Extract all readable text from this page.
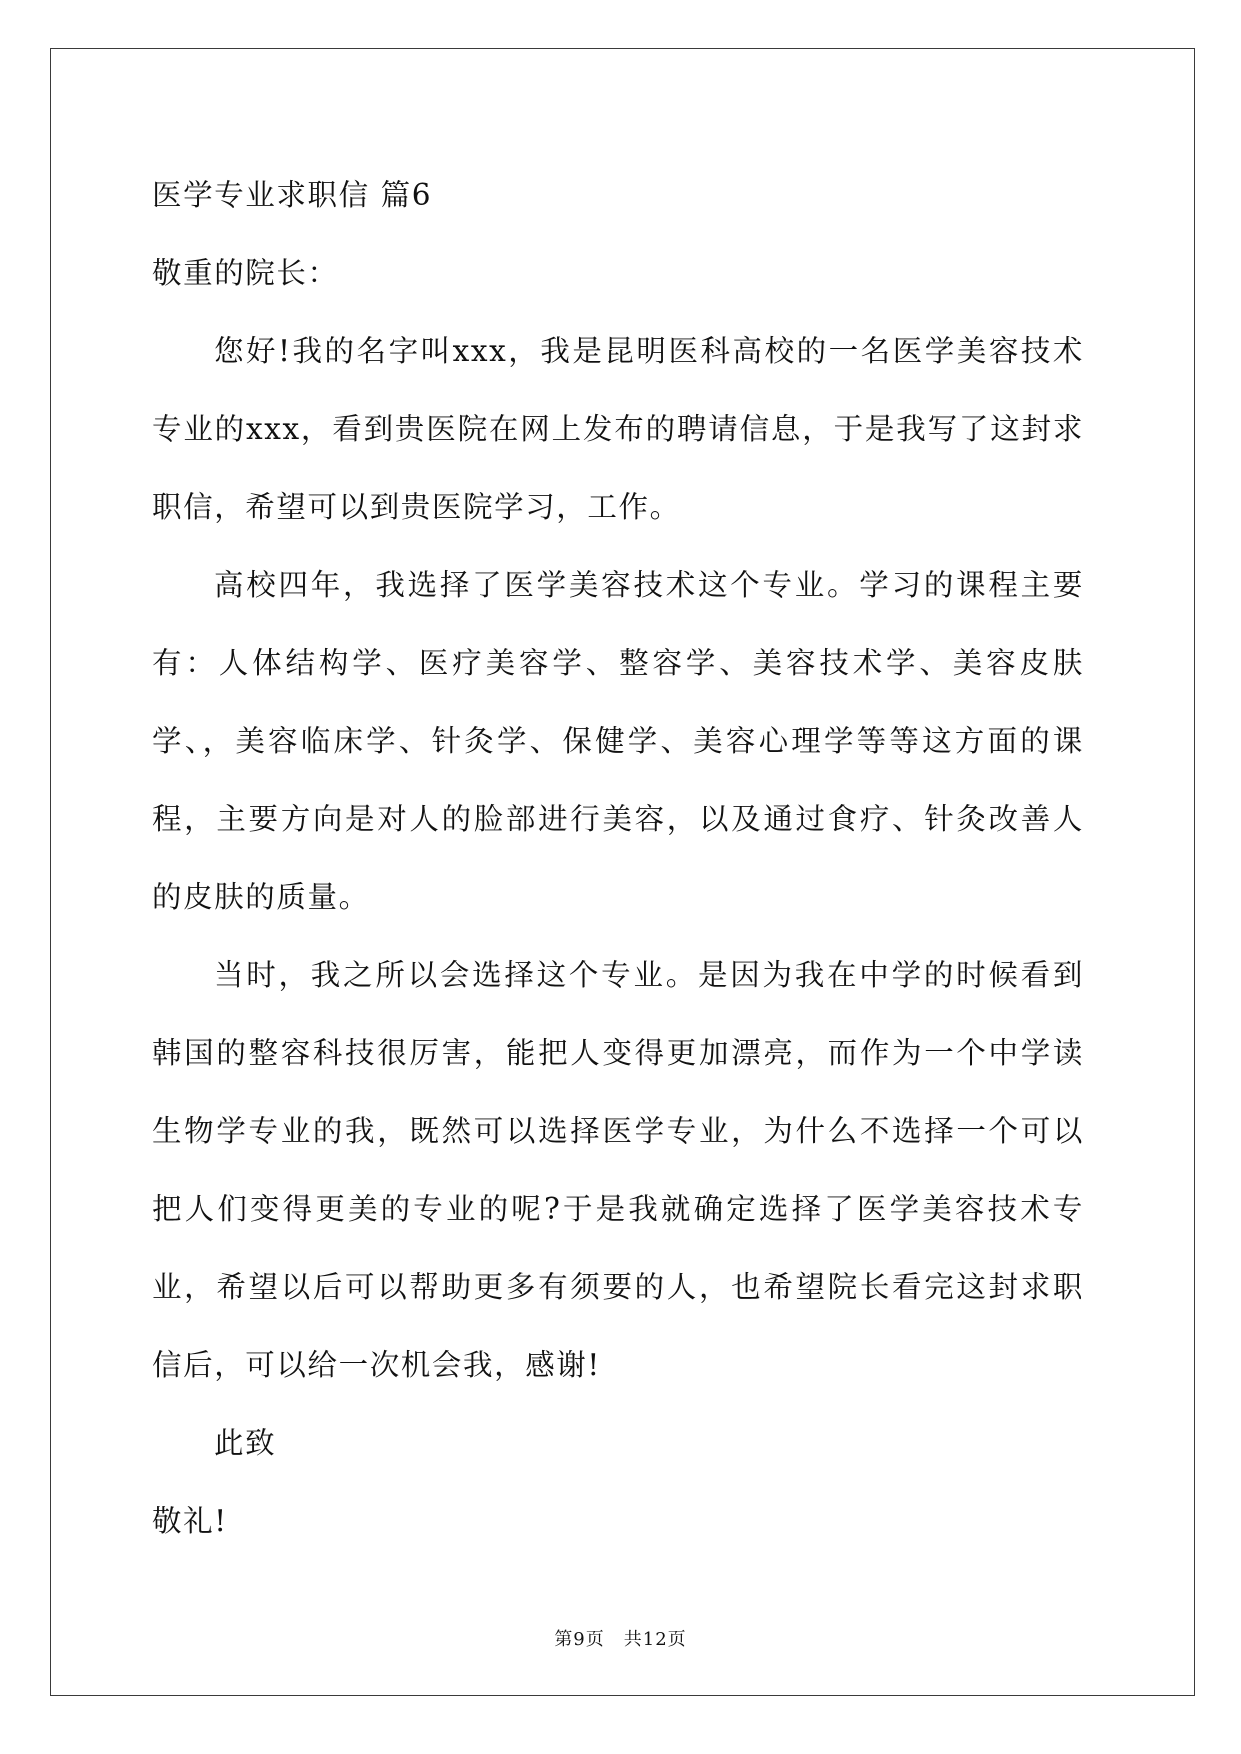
医学专业求职信 篇6
敬重的院长：

您好!我的名字叫xxx，我是昆明医科高校的一名医学美容技术专业的xxx，看到贵医院在网上发布的聘请信息，于是我写了这封求职信，希望可以到贵医院学习，工作。

高校四年，我选择了医学美容技术这个专业。学习的课程主要有：人体结构学、医疗美容学、整容学、美容技术学、美容皮肤学、，美容临床学、针灸学、保健学、美容心理学等等这方面的课程，主要方向是对人的脸部进行美容，以及通过食疗、针灸改善人的皮肤的质量。

当时，我之所以会选择这个专业。是因为我在中学的时候看到韩国的整容科技很厉害，能把人变得更加漂亮，而作为一个中学读生物学专业的我，既然可以选择医学专业，为什么不选择一个可以把人们变得更美的专业的呢?于是我就确定选择了医学美容技术专业，希望以后可以帮助更多有须要的人，也希望院长看完这封求职信后，可以给一次机会我，感谢!

此致
敬礼!
第9页　共12页
